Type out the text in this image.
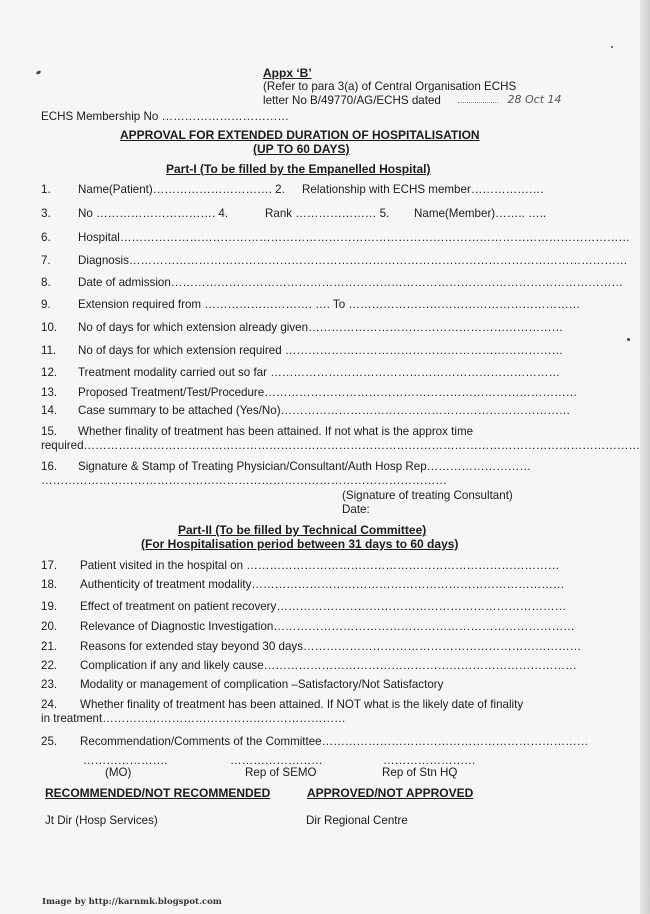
Appx ‘B’
(Refer to para 3(a) of Central Organisation ECHS
letter No B/49770/AG/ECHS dated	28 Oct 14
ECHS Membership No ……………………………
APPROVAL FOR EXTENDED DURATION OF HOSPITALISATION
(UP TO 60 DAYS)
Part-I (To be filled by the Empanelled Hospital)
1. Name(Patient)…………………………. 2. Relationship with ECHS member……………….
3. No …………………………. 4.	Rank ………………… 5. Name(Member)…….. …..
6. Hospital……………………………………………………………………………………………………………………
7. Diagnosis…………………………………………………………………………………………………………………
8. Date of admission………………………………………………………………………………………………………
9. Extension required from ………………………. …. To ……………………………………………………
10. No of days for which extension already given…………………………………………………………
11. No of days for which extension required ………………………………………………………………
12. Treatment modality carried out so far …………………………………………………………………
13. Proposed Treatment/Test/Procedure………………………………………………………………………
14. Case summary to be attached (Yes/No)…………………………………………………………………
15. Whether finality of treatment has been attained. If not what is the approx time
required………………………………………………………………………………………………………………………………
16. Signature & Stamp of Treating Physician/Consultant/Auth Hosp Rep………………………
……………………………………………………………………………………………
(Signature of treating Consultant)
Date:
Part-II (To be filled by Technical Committee)
(For Hospitalisation period between 31 days to 60 days)
17. Patient visited in the hospital on ………………………………………………………………………
18. Authenticity of treatment modality………………………………………………………………………
19. Effect of treatment on patient recovery…………………………………………………………………
20. Relevance of Diagnostic Investigation……………………………………………………………………
21. Reasons for extended stay beyond 30 days………………………………………………………………
22. Complication if any and likely cause………………………………………………………………………
23. Modality or management of complication –Satisfactory/Not Satisfactory
24. Whether finality of treatment has been attained. If NOT what is the likely date of finality
in treatment………………………………………………………
25. Recommendation/Comments of the Committee……………………………………………………………
………………….	……………………	……………………
(MO)	Rep of SEMO	Rep of Stn HQ
RECOMMENDED/NOT RECOMMENDED	APPROVED/NOT APPROVED
Jt Dir (Hosp Services)	Dir Regional Centre
Image by http://karnmk.blogspot.com
